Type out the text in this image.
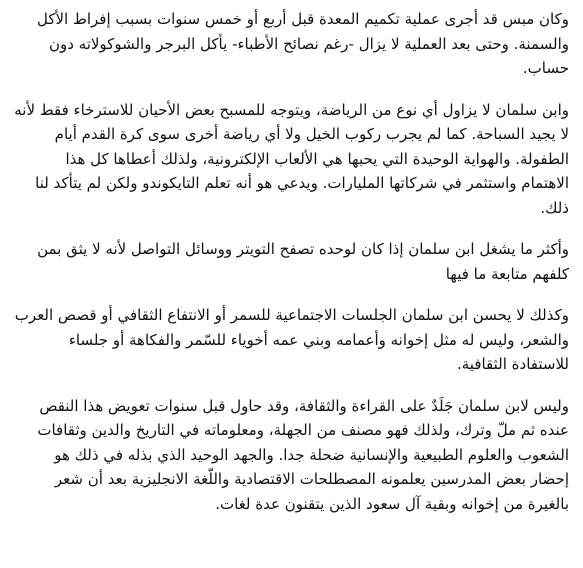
وكان مبس قد أجرى عملية تكميم المعدة قبل أربع أو خمس سنوات بسبب إفراط الأكل والسمنة. وحتى بعد العملية لا يزال -رغم نصائح الأطباء- يأكل البرجر والشوكولاته دون حساب.

وابن سلمان لا يزاول أي نوع من الرياضة، ويتوجه للمسبح بعض الأحيان للاسترخاء فقط لأنه لا يجيد السباحة. كما لم يجرب ركوب الخيل ولا أي رياضة أخرى سوى كرة القدم أيام الطفولة. والهواية الوحيدة التي يحبها هي الألعاب الإلكترونية، ولذلك أعطاها كل هذا الاهتمام واستثمر في شركاتها المليارات. ويدعي هو أنه تعلم التايكوندو ولكن لم يتأكد لنا ذلك.

وأكثر ما يشغل ابن سلمان إذا كان لوحده تصفح التويتر ووسائل التواصل لأنه لا يثق بمن كلفهم متابعة ما فيها

وكذلك لا يحسن ابن سلمان الجلسات الاجتماعية للسمر أو الانتفاع الثقافي أو قصص العرب والشعر، وليس له مثل إخوانه وأعمامه وبني عمه أخوياء للسّمر والفكاهة أو جلساء للاستفادة الثقافية.

وليس لابن سلمان جَلَدٌ على القراءة والثقافة، وقد حاول قبل سنوات تعويض هذا النقص عنده ثم ملّ وترك، ولذلك فهو مصنف من الجهلة، ومعلوماته في التاريخ والدين وثقافات الشعوب والعلوم الطبيعية والإنسانية ضحلة جدا. والجهد الوحيد الذي بذله في ذلك هو إحضار بعض المدرسين يعلمونه المصطلحات الاقتصادية واللّغة الانجليزية بعد أن شعر بالغيرة من إخوانه وبقية آل سعود الذين يتقنون عدة لغات.
